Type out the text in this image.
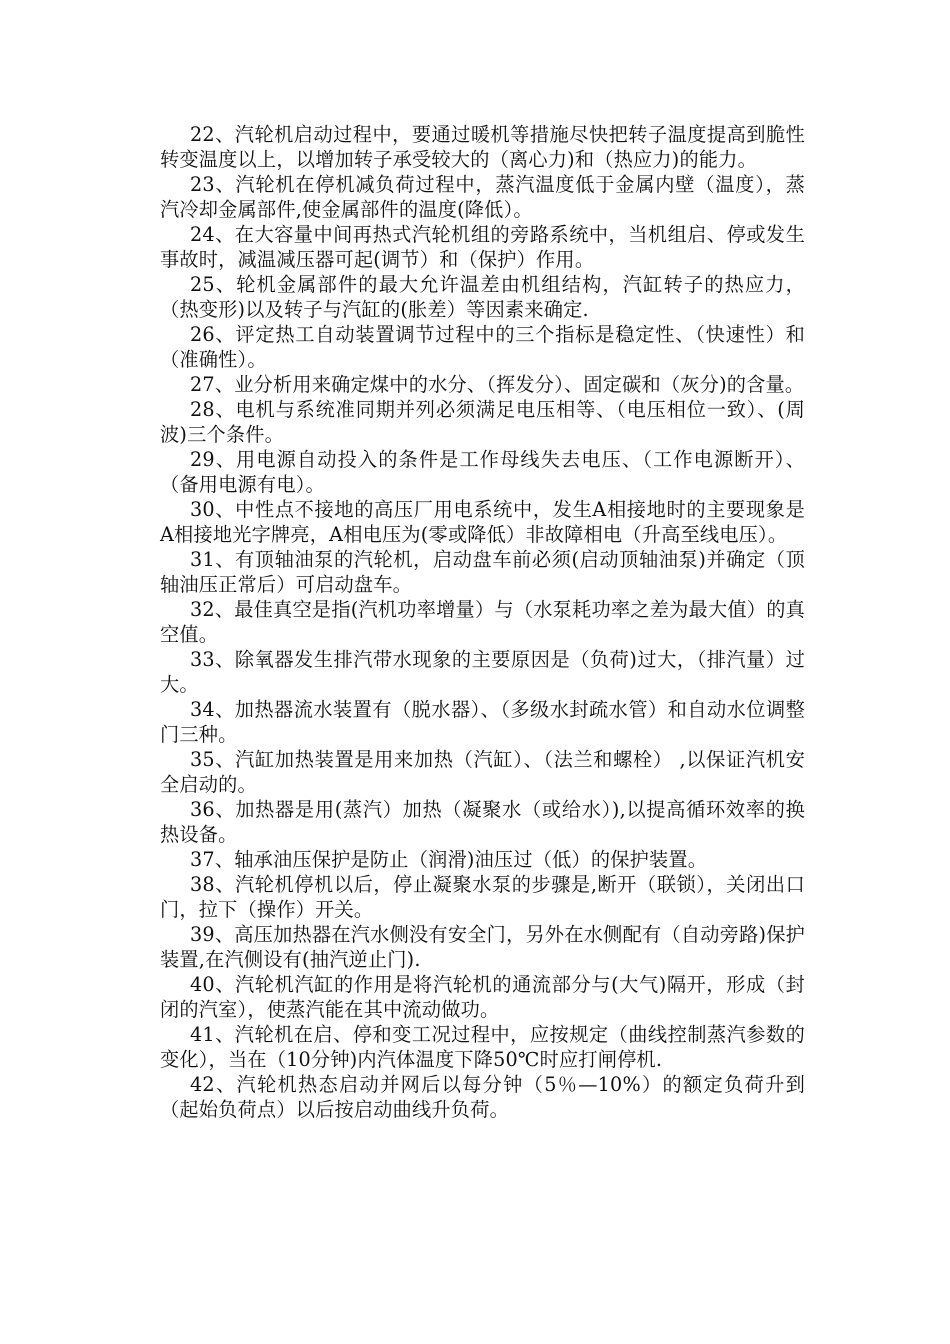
22、汽轮机启动过程中，要通过暖机等措施尽快把转子温度提高到脆性转变温度以上，以增加转子承受较大的（离心力)和（热应力)的能力。

23、汽轮机在停机减负荷过程中，蒸汽温度低于金属内壁（温度），蒸汽冷却金属部件,使金属部件的温度(降低）。

24、在大容量中间再热式汽轮机组的旁路系统中，当机组启、停或发生事故时，减温减压器可起(调节）和（保护）作用。

25、轮机金属部件的最大允许温差由机组结构，汽缸转子的热应力，（热变形)以及转子与汽缸的(胀差）等因素来确定.

26、评定热工自动装置调节过程中的三个指标是稳定性、（快速性）和（准确性）。

27、业分析用来确定煤中的水分、（挥发分）、固定碳和（灰分)的含量。

28、电机与系统准同期并列必须满足电压相等、（电压相位一致）、(周波)三个条件。

29、用电源自动投入的条件是工作母线失去电压、（工作电源断开）、（备用电源有电）。

30、中性点不接地的高压厂用电系统中，发生A相接地时的主要现象是A相接地光字牌亮，A相电压为(零或降低）非故障相电（升高至线电压）。

31、有顶轴油泵的汽轮机，启动盘车前必须(启动顶轴油泵)并确定（顶轴油压正常后）可启动盘车。

32、最佳真空是指(汽机功率增量）与（水泵耗功率之差为最大值）的真空值。

33、除氧器发生排汽带水现象的主要原因是（负荷)过大，（排汽量）过大。

34、加热器流水装置有（脱水器）、（多级水封疏水管）和自动水位调整门三种。

35、汽缸加热装置是用来加热（汽缸）、（法兰和螺栓） ,以保证汽机安全启动的。

36、加热器是用(蒸汽）加热（凝聚水（或给水）),以提高循环效率的换热设备。

37、轴承油压保护是防止（润滑)油压过（低）的保护装置。

38、汽轮机停机以后，停止凝聚水泵的步骤是,断开（联锁），关闭出口门，拉下（操作）开关。

39、高压加热器在汽水侧没有安全门，另外在水侧配有（自动旁路)保护装置,在汽侧设有(抽汽逆止门).

40、汽轮机汽缸的作用是将汽轮机的通流部分与(大气)隔开，形成（封闭的汽室），使蒸汽能在其中流动做功。

41、汽轮机在启、停和变工况过程中，应按规定（曲线控制蒸汽参数的变化），当在（10分钟)内汽体温度下降50℃时应打闸停机.

42、汽轮机热态启动并网后以每分钟（5％—10%）的额定负荷升到（起始负荷点）以后按启动曲线升负荷。
